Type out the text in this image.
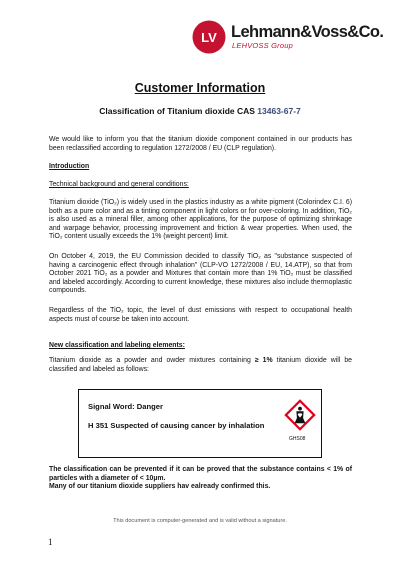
LV Lehmann&Voss&Co.
LEHVOSS Group
Customer Information
Classification of Titanium dioxide CAS 13463-67-7

We would like to inform you that the titanium dioxide component contained in our products has been reclassified according to regulation 1272/2008 / EU (CLP regulation).

Introduction

Technical background and general conditions:

Titanium dioxide (TiO₂) is widely used in the plastics industry as a white pigment (Colorindex C.I. 6) both as a pure color and as a tinting component in light colors or for over-coloring. In addition, TiO₂ is also used as a mineral filler, among other applications, for the purpose of optimizing shrinkage and warpage behavior, processing improvement and friction & wear properties. When used, the TiO₂ content usually exceeds the 1% (weight percent) limit.

On October 4, 2019, the EU Commission decided to classify TiO₂ as "substance suspected of having a carcinogenic effect through inhalation" (CLP-VO 1272/2008 / EU, 14.ATP), so that from October 2021 TiO₂ as a powder and Mixtures that contain more than 1% TiO₂ must be classified and labeled accordingly. According to current knowledge, these mixtures also include thermoplastic compounds.

Regardless of the TiO₂ topic, the level of dust emissions with respect to occupational health aspects must of course be taken into account.

New classification and labeling elements:

Titanium dioxide as a powder and owder mixtures containing ≥ 1% titanium dioxide will be classified and labeled as follows:

Signal Word: Danger
H 351 Suspected of causing cancer by inhalation
GHS08

The classification can be prevented if it can be proved that the substance contains < 1% of particles with a diameter of < 10µm.
Many of our titanium dioxide suppliers hav ealready confirmed this.

This document is computer-generated and is valid without a signature.
1
